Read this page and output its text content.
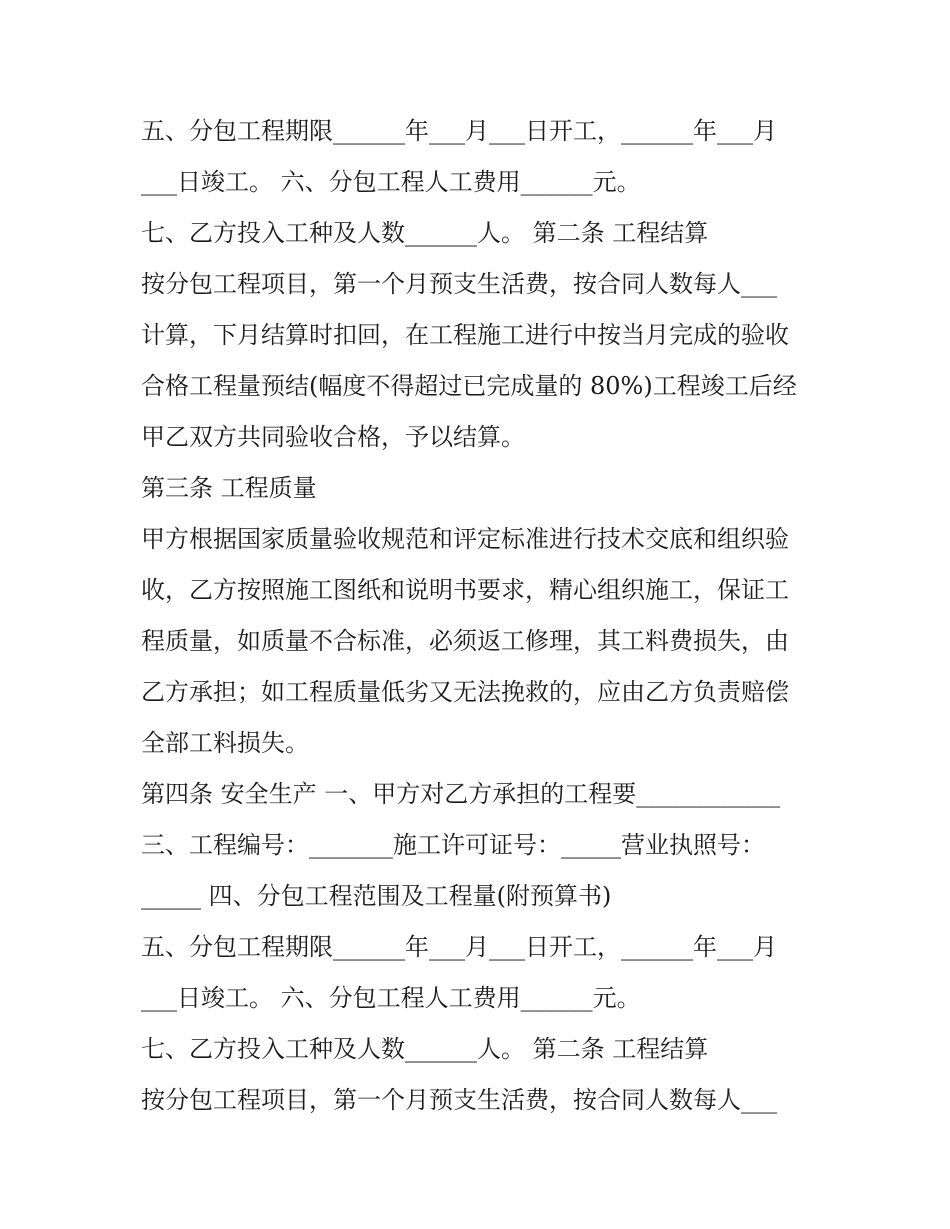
五、分包工程期限______年___月___日开工，______年___月
___日竣工。 六、分包工程人工费用______元。
七、乙方投入工种及人数______人。 第二条 工程结算
按分包工程项目，第一个月预支生活费，按合同人数每人___
计算，下月结算时扣回，在工程施工进行中按当月完成的验收
合格工程量预结(幅度不得超过已完成量的 80%)工程竣工后经
甲乙双方共同验收合格，予以结算。
第三条 工程质量
甲方根据国家质量验收规范和评定标准进行技术交底和组织验
收，乙方按照施工图纸和说明书要求，精心组织施工，保证工
程质量，如质量不合标准，必须返工修理，其工料费损失，由
乙方承担；如工程质量低劣又无法挽救的，应由乙方负责赔偿
全部工料损失。
第四条 安全生产 一、甲方对乙方承担的工程要____________
三、工程编号：_______施工许可证号：_____营业执照号：
_____ 四、分包工程范围及工程量(附预算书)
五、分包工程期限______年___月___日开工，______年___月
___日竣工。 六、分包工程人工费用______元。
七、乙方投入工种及人数______人。 第二条 工程结算
按分包工程项目，第一个月预支生活费，按合同人数每人___
